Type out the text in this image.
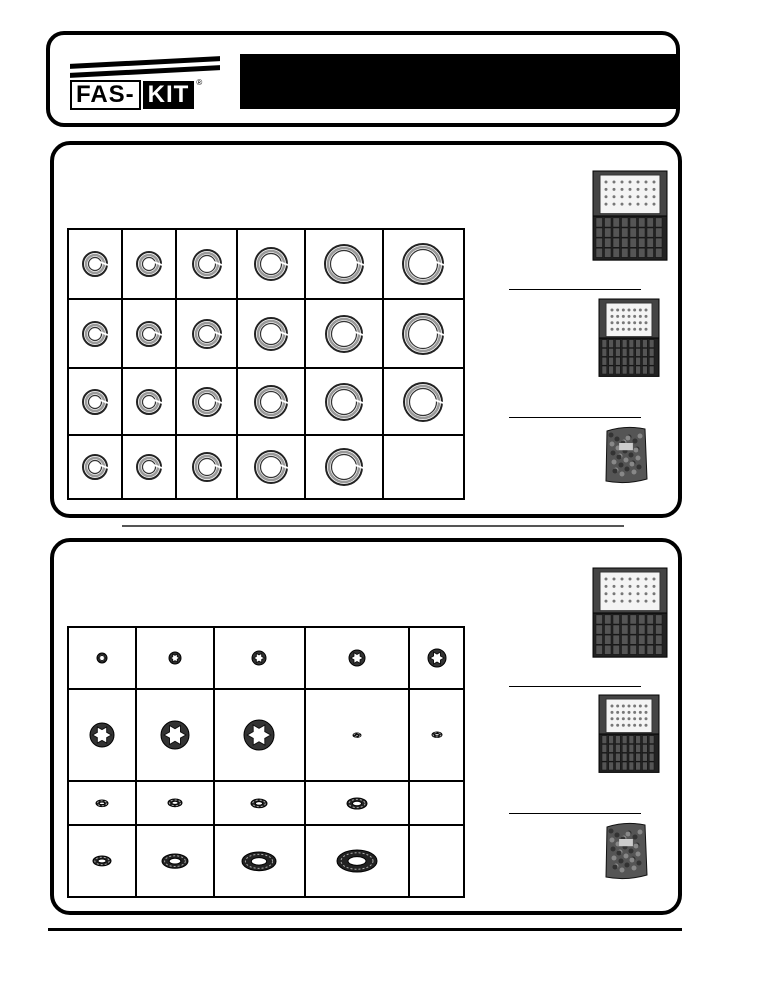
FAS- KIT ®
